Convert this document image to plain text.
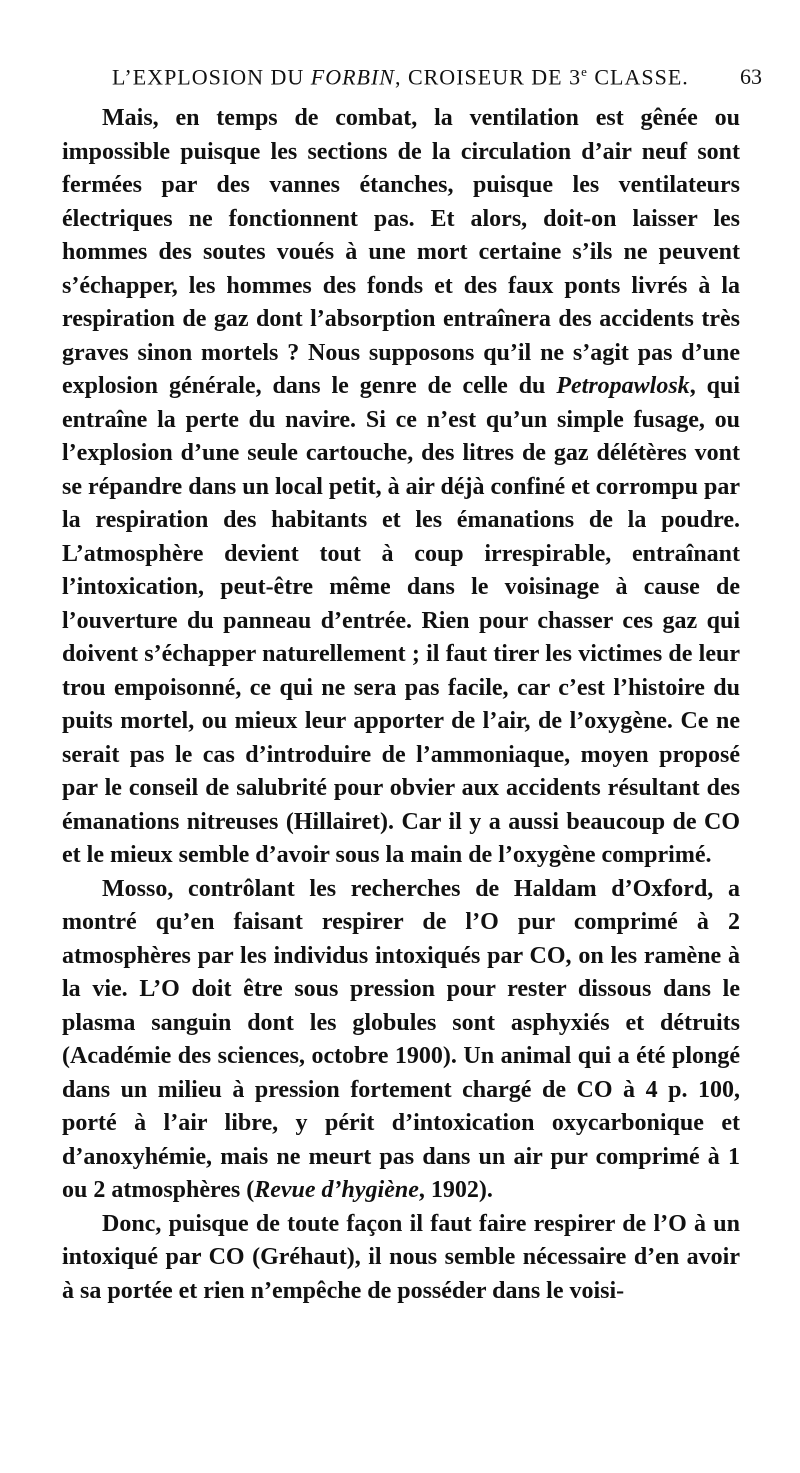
L’EXPLOSION DU FORBIN, CROISEUR DE 3e CLASSE. 63

Mais, en temps de combat, la ventilation est gênée ou impossible puisque les sections de la circulation d’air neuf sont fermées par des vannes étanches, puisque les ventilateurs électriques ne fonctionnent pas. Et alors, doit-on laisser les hommes des soutes voués à une mort certaine s’ils ne peuvent s’échapper, les hommes des fonds et des faux ponts livrés à la respiration de gaz dont l’absorption entraînera des accidents très graves sinon mortels ? Nous supposons qu’il ne s’agit pas d’une explosion générale, dans le genre de celle du Petropawlosk, qui entraîne la perte du navire. Si ce n’est qu’un simple fusage, ou l’explosion d’une seule cartouche, des litres de gaz délétères vont se répandre dans un local petit, à air déjà confiné et corrompu par la respiration des habitants et les émanations de la poudre. L’atmosphère devient tout à coup irrespirable, entraînant l’intoxication, peut-être même dans le voisinage à cause de l’ouverture du panneau d’entrée. Rien pour chasser ces gaz qui doivent s’échapper naturellement ; il faut tirer les victimes de leur trou empoisonné, ce qui ne sera pas facile, car c’est l’histoire du puits mortel, ou mieux leur apporter de l’air, de l’oxygène. Ce ne serait pas le cas d’introduire de l’ammoniaque, moyen proposé par le conseil de salubrité pour obvier aux accidents résultant des émanations nitreuses (Hillairet). Car il y a aussi beaucoup de CO et le mieux semble d’avoir sous la main de l’oxygène comprimé.

Mosso, contrôlant les recherches de Haldam d’Oxford, a montré qu’en faisant respirer de l’O pur comprimé à 2 atmosphères par les individus intoxiqués par CO, on les ramène à la vie. L’O doit être sous pression pour rester dissous dans le plasma sanguin dont les globules sont asphyxiés et détruits (Académie des sciences, octobre 1900). Un animal qui a été plongé dans un milieu à pression fortement chargé de CO à 4 p. 100, porté à l’air libre, y périt d’intoxication oxycarbonique et d’anoxyhémie, mais ne meurt pas dans un air pur comprimé à 1 ou 2 atmosphères (Revue d’hygiène, 1902).

Donc, puisque de toute façon il faut faire respirer de l’O à un intoxiqué par CO (Gréhaut), il nous semble nécessaire d’en avoir à sa portée et rien n’empêche de posséder dans le voisi-
